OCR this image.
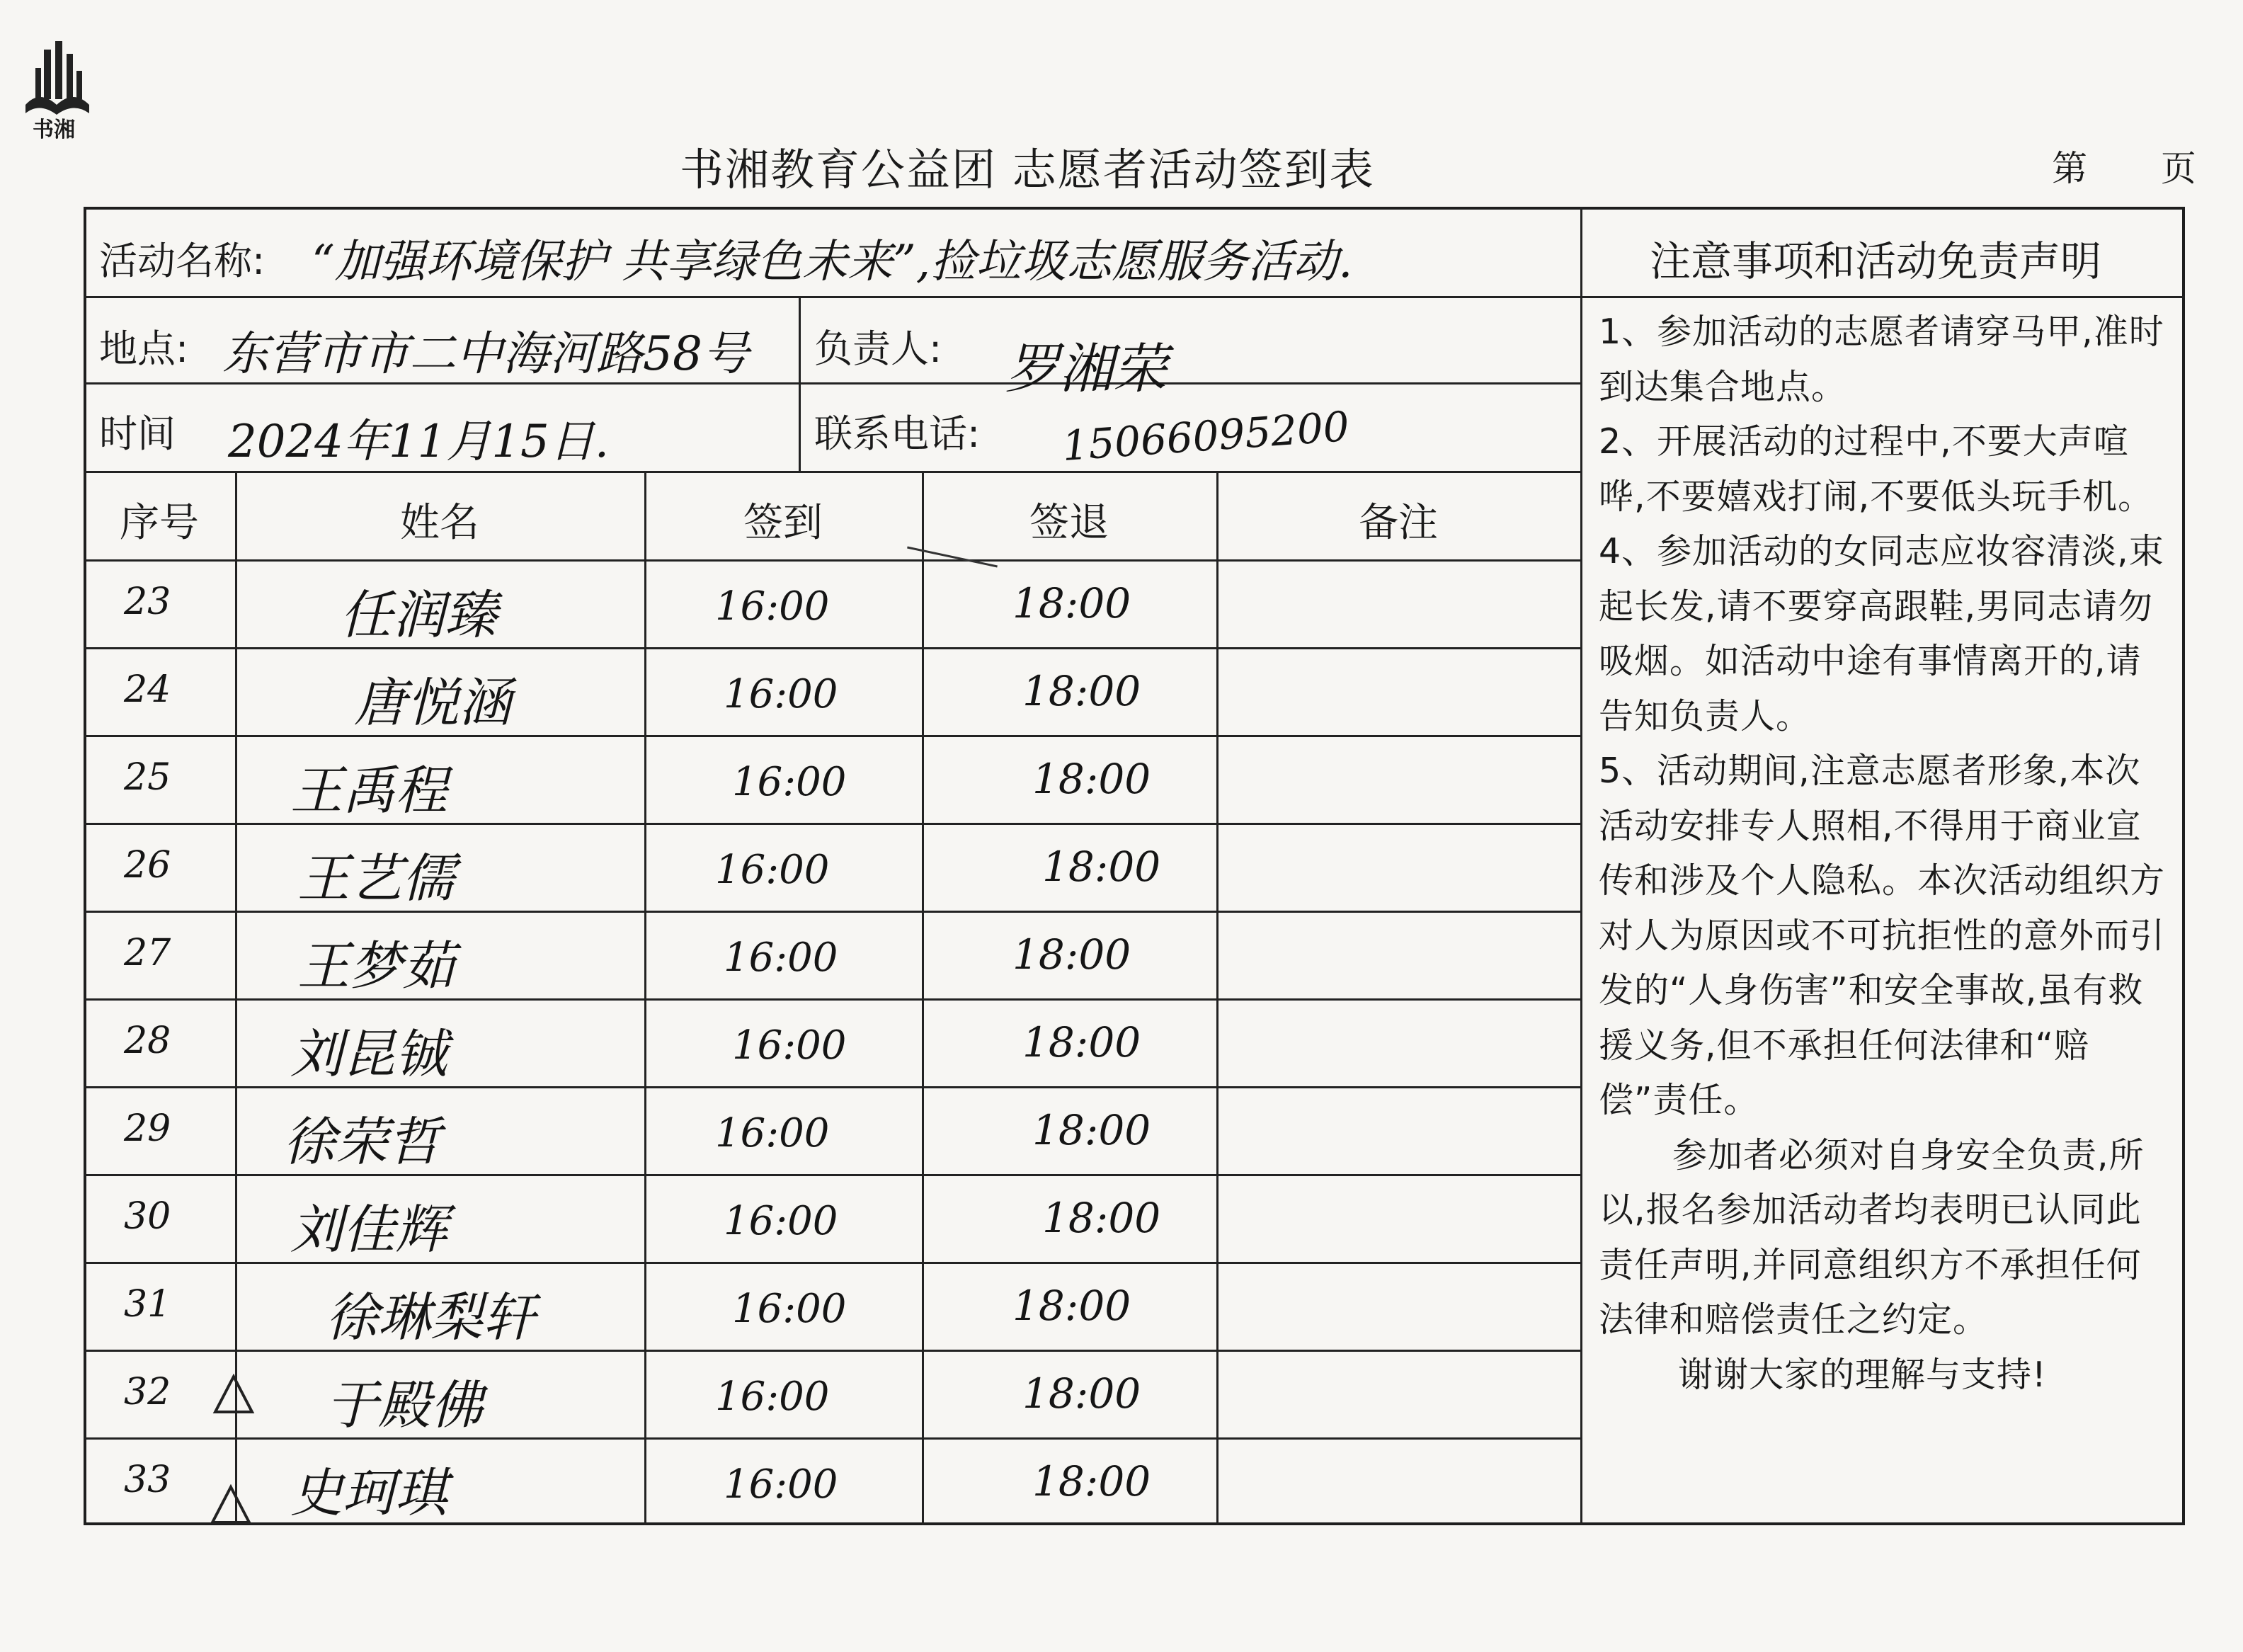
书湘
书湘教育公益团 志愿者活动签到表	第 页
活动名称: “加强环境保护 共享绿色未来”,捡垃圾志愿服务活动.
地点: 东营市市二中海河路58号 负责人: 罗湘荣
时间 2024年11月15日.	联系电话: 15066095200
序号	姓名	签到	签退	备注
23	任润臻	16:00	18:00
24	唐悦涵	16:00	18:00
25 王禹程	16:00	18:00
26 王艺儒	16:00	18:00
27 王梦茹	16:00	18:00
28 刘昆铖	16:00	18:00
29 徐荣哲	16:00	18:00
30 刘佳辉	16:00	18:00
31	徐琳梨轩	16:00	18:00
32	于殿佛	16:00	18:00
33 史珂琪	16:00	18:00
注意事项和活动免责声明

1、参加活动的志愿者请穿马甲,准时到达集合地点。

2、开展活动的过程中,不要大声喧哗,不要嬉戏打闹,不要低头玩手机。

4、参加活动的女同志应妆容清淡,束起长发,请不要穿高跟鞋,男同志请勿吸烟。如活动中途有事情离开的,请告知负责人。

5、活动期间,注意志愿者形象,本次活动安排专人照相,不得用于商业宣传和涉及个人隐私。本次活动组织方对人为原因或不可抗拒性的意外而引发的“人身伤害”和安全事故,虽有救援义务,但不承担任何法律和“赔偿”责任。

参加者必须对自身安全负责,所以,报名参加活动者均表明已认同此责任声明,并同意组织方不承担任何法律和赔偿责任之约定。

谢谢大家的理解与支持!
